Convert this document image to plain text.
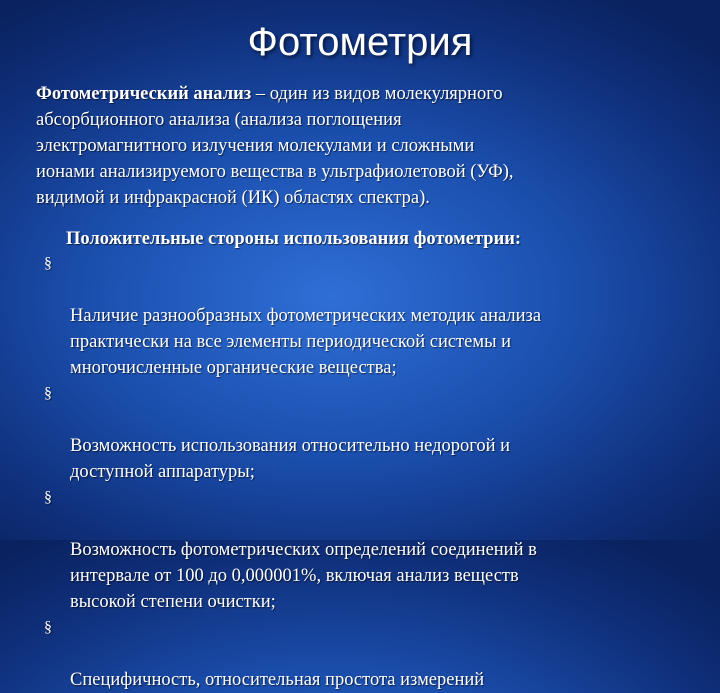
Фотометрия

Фотометрический анализ – один из видов молекулярного
абсорбционного анализа (анализа поглощения
электромагнитного излучения молекулами и сложными
ионами анализируемого вещества в ультрафиолетовой (УФ),
видимой и инфракрасной (ИК) областях спектра).

Положительные стороны использования фотометрии:

§

Наличие разнообразных фотометрических методик анализа
практически на все элементы периодической системы и
многочисленные органические вещества;

§

Возможность использования относительно недорогой и
доступной аппаратуры;

§

Возможность фотометрических определений соединений в
интервале от 100 до 0,000001%, включая анализ веществ
высокой степени очистки;

§

Специфичность, относительная простота измерений
